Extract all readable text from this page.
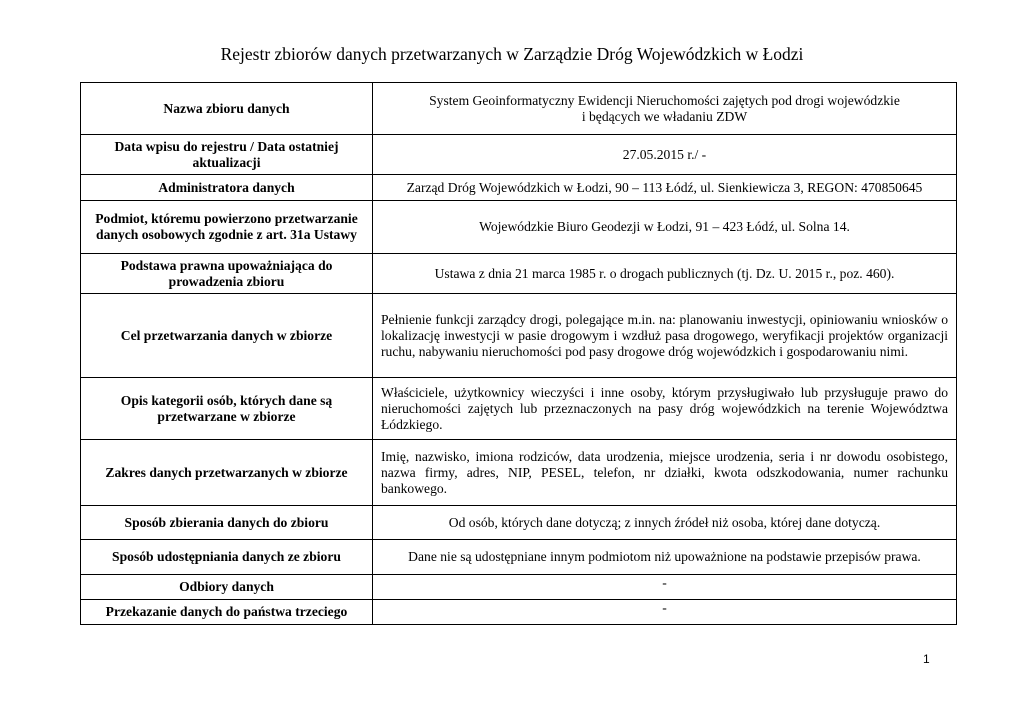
Rejestr zbiorów danych przetwarzanych w Zarządzie Dróg Wojewódzkich w Łodzi
Nazwa zbioru danych	System Geoinformatyczny Ewidencji Nieruchomości zajętych pod drogi wojewódzkie
i będących we władaniu ZDW
Data wpisu do rejestru / Data ostatniej aktualizacji	27.05.2015 r./ -
Administratora danych	Zarząd Dróg Wojewódzkich w Łodzi, 90 – 113 Łódź, ul. Sienkiewicza 3, REGON: 470850645
Podmiot, któremu powierzono przetwarzanie danych osobowych zgodnie z art. 31a Ustawy	Wojewódzkie Biuro Geodezji w Łodzi, 91 – 423 Łódź, ul. Solna 14.
Podstawa prawna upoważniająca do prowadzenia zbioru	Ustawa z dnia 21 marca 1985 r. o drogach publicznych (tj. Dz. U. 2015 r., poz. 460).
Cel przetwarzania danych w zbiorze	Pełnienie funkcji zarządcy drogi, polegające m.in. na: planowaniu inwestycji, opiniowaniu wniosków o lokalizację inwestycji w pasie drogowym i wzdłuż pasa drogowego, weryfikacji projektów organizacji ruchu, nabywaniu nieruchomości pod pasy drogowe dróg wojewódzkich i gospodarowaniu nimi.
Opis kategorii osób, których dane są przetwarzane w zbiorze	Właściciele, użytkownicy wieczyści i inne osoby, którym przysługiwało lub przysługuje prawo do nieruchomości zajętych lub przeznaczonych na pasy dróg wojewódzkich na terenie Województwa Łódzkiego.
Zakres danych przetwarzanych w zbiorze	Imię, nazwisko, imiona rodziców, data urodzenia, miejsce urodzenia, seria i nr dowodu osobistego, nazwa firmy, adres, NIP, PESEL, telefon, nr działki, kwota odszkodowania, numer rachunku bankowego.
Sposób zbierania danych do zbioru	Od osób, których dane dotyczą; z innych źródeł niż osoba, której dane dotyczą.
Sposób udostępniania danych ze zbioru	Dane nie są udostępniane innym podmiotom niż upoważnione na podstawie przepisów prawa.
Odbiory danych	-
Przekazanie danych do państwa trzeciego	-
1
